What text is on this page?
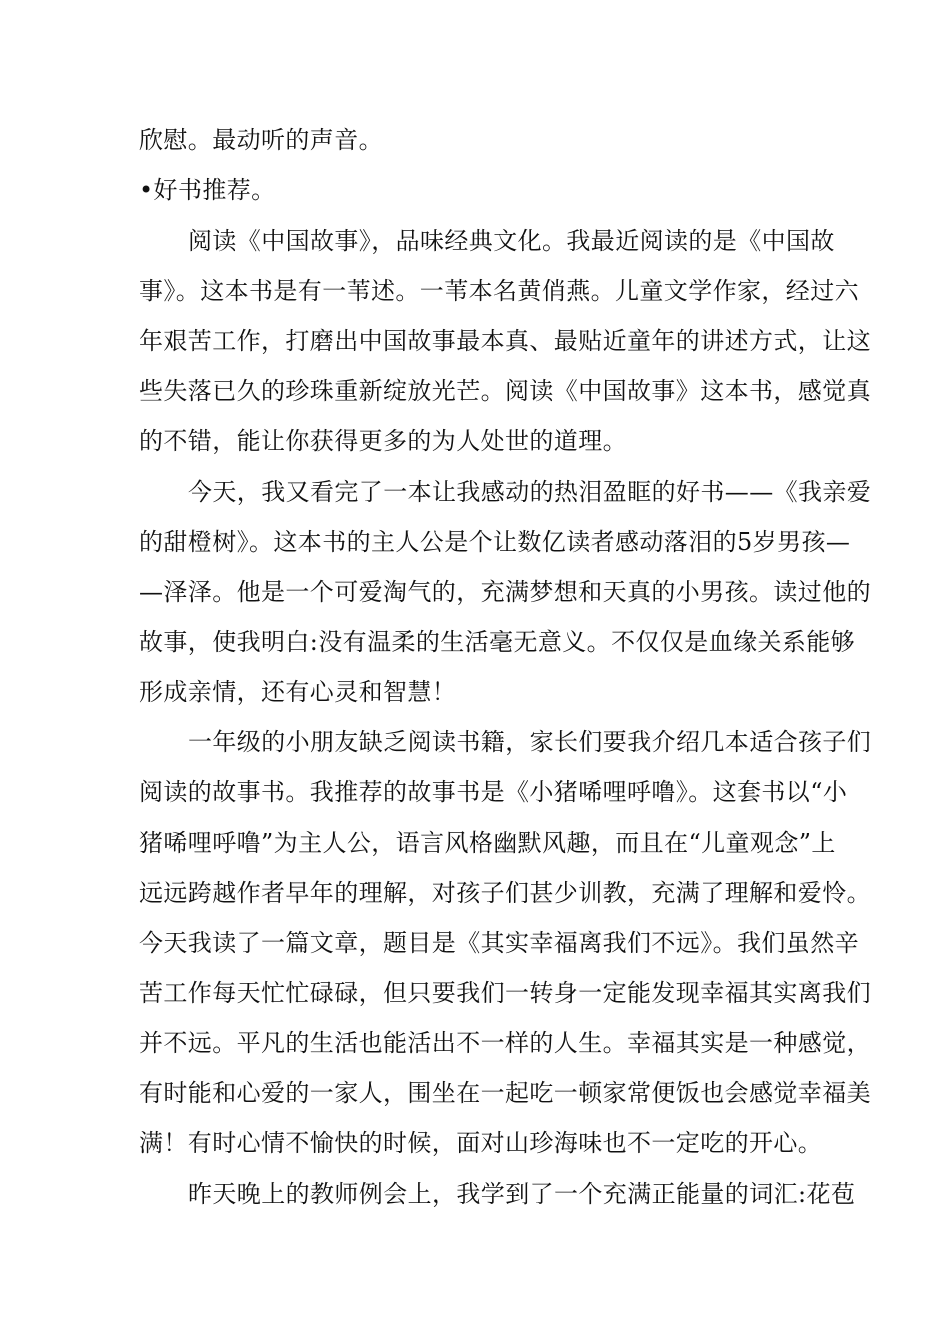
欣慰。最动听的声音。
•好书推荐。
阅读《中国故事》，品味经典文化。我最近阅读的是《中国故
事》。这本书是有一苇述。一苇本名黄俏燕。儿童文学作家，经过六
年艰苦工作，打磨出中国故事最本真、最贴近童年的讲述方式，让这
些失落已久的珍珠重新绽放光芒。阅读《中国故事》这本书，感觉真
的不错，能让你获得更多的为人处世的道理。
今天，我又看完了一本让我感动的热泪盈眶的好书——《我亲爱
的甜橙树》。这本书的主人公是个让数亿读者感动落泪的5岁男孩—
—泽泽。他是一个可爱淘气的，充满梦想和天真的小男孩。读过他的
故事，使我明白:没有温柔的生活毫无意义。不仅仅是血缘关系能够
形成亲情，还有心灵和智慧！
一年级的小朋友缺乏阅读书籍，家长们要我介绍几本适合孩子们
阅读的故事书。我推荐的故事书是《小猪唏哩呼噜》。这套书以“小
猪唏哩呼噜”为主人公，语言风格幽默风趣，而且在“儿童观念”上
远远跨越作者早年的理解，对孩子们甚少训教，充满了理解和爱怜。
今天我读了一篇文章，题目是《其实幸福离我们不远》。我们虽然辛
苦工作每天忙忙碌碌，但只要我们一转身一定能发现幸福其实离我们
并不远。平凡的生活也能活出不一样的人生。幸福其实是一种感觉，
有时能和心爱的一家人，围坐在一起吃一顿家常便饭也会感觉幸福美
满！有时心情不愉快的时候，面对山珍海味也不一定吃的开心。
昨天晚上的教师例会上，我学到了一个充满正能量的词汇:花苞
